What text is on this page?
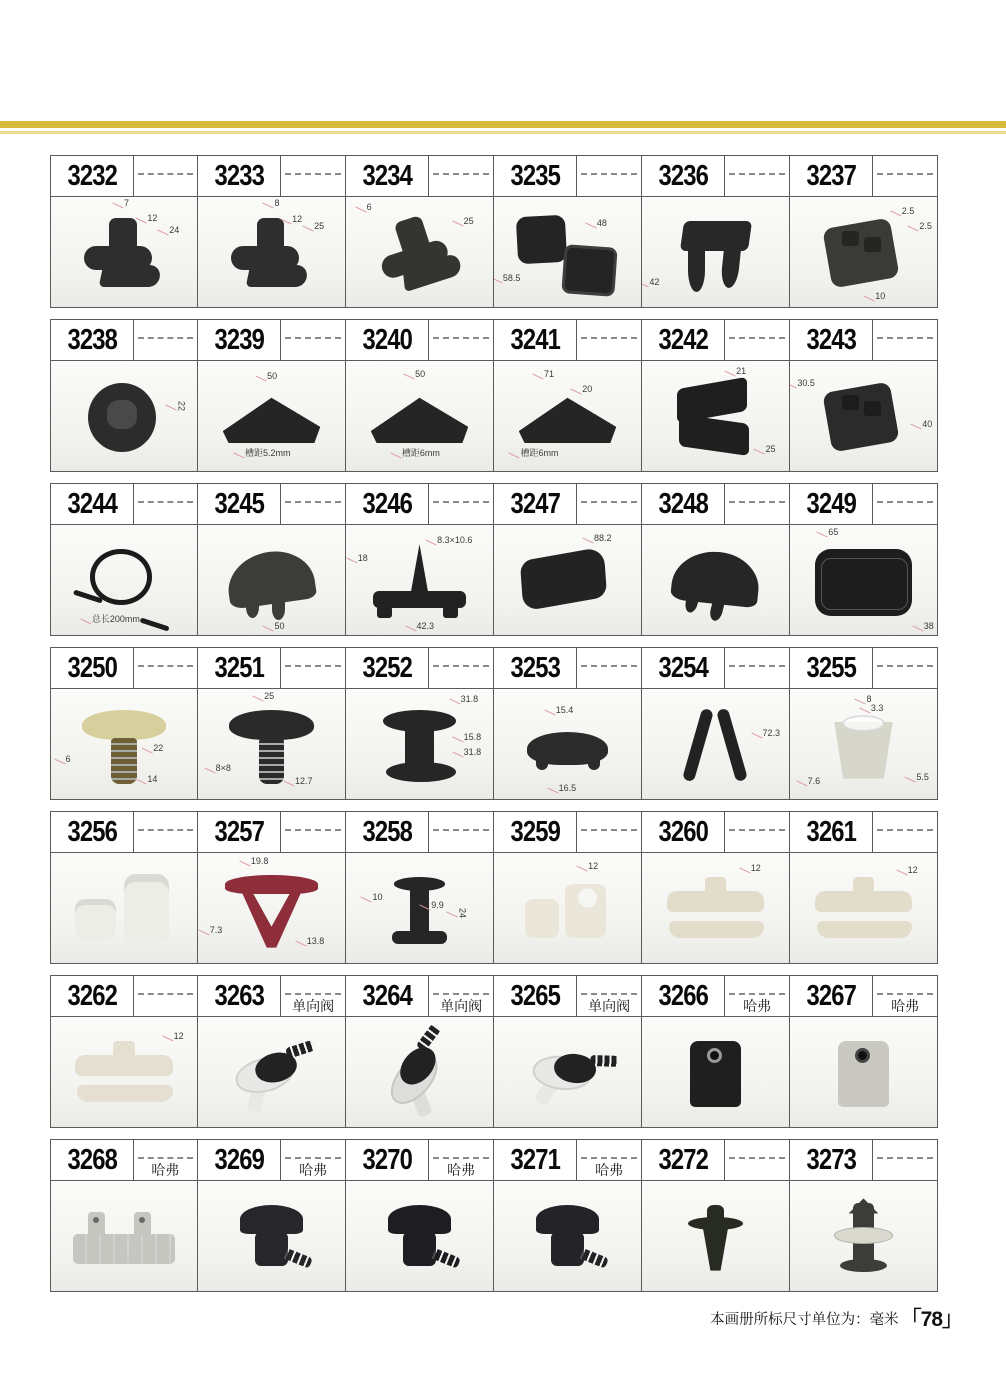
3232
7
12
24
3233
8
12
25
3234
6
25
3235
48
58.5
3236
42
3237
2.5
2.5
10
3238
22
3239
50
槽距5.2mm
3240
50
槽距6mm
3241
71
20
槽距6mm
3242
21
25
3243
30.5
40
3244
总长200mm
3245
50
3246
18
8.3×10.6
42.3
3247
88.2
3248	3249
65
38
3250
22
6
14
3251
25
8×8
12.7
3252
31.8
15.8
31.8
3253
15.4
16.5
3254
72.3
3255
8
3.3
7.6	5.5
3256	3257
19.8
7.3
13.8
3258
10
9.9
24
3259
12
3260
12
3261
12
3262
12
3263	单向阀 3264	单向阀 3265	单向阀 3266	哈弗	3267	哈弗
3268	哈弗	3269	哈弗	3270	哈弗	3271	哈弗	3272	3273
本画册所标尺寸单位为：毫米 「78」
